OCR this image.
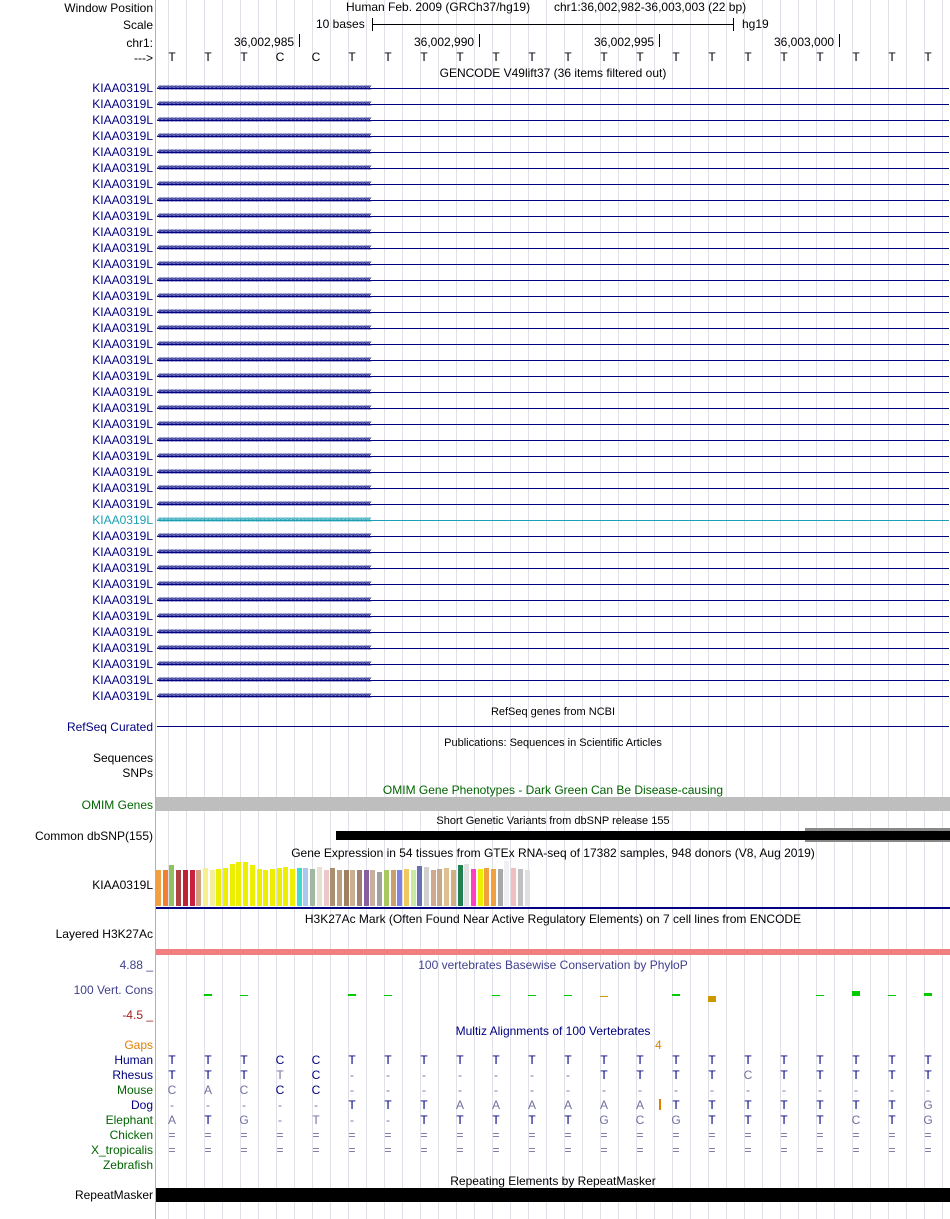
Window Position
Scale
chr1:
--->
Human Feb. 2009 (GRCh37/hg19) chr1:36,002,982-36,003,003 (22 bp)
10 bases	hg19
36,002,985	36,002,990	36,002,995	36,003,000
T	T	T	C	C	T	T	T	T	T	T	T	T	T	T	T	T	T	T	T	T	T
GENCODE V49lift37 (36 items filtered out)
KIAA0319L ‹‹‹‹‹‹‹‹‹‹‹‹‹‹‹‹‹‹‹‹‹‹‹‹‹‹‹‹‹‹‹‹‹‹‹‹‹‹‹‹‹‹‹‹‹‹‹‹‹‹‹‹‹‹‹‹‹‹‹‹‹‹‹‹‹‹‹‹‹‹‹‹‹‹‹‹‹‹‹‹‹‹‹‹‹‹‹‹‹‹‹‹‹‹‹‹‹‹‹‹‹‹‹‹‹‹‹‹‹‹‹‹‹‹‹‹‹‹‹‹‹‹‹‹‹‹‹‹‹‹‹‹‹‹‹‹‹‹‹‹‹‹‹‹‹‹‹‹‹‹‹‹‹‹‹‹‹‹‹‹
KIAA0319L ‹‹‹‹‹‹‹‹‹‹‹‹‹‹‹‹‹‹‹‹‹‹‹‹‹‹‹‹‹‹‹‹‹‹‹‹‹‹‹‹‹‹‹‹‹‹‹‹‹‹‹‹‹‹‹‹‹‹‹‹‹‹‹‹‹‹‹‹‹‹‹‹‹‹‹‹‹‹‹‹‹‹‹‹‹‹‹‹‹‹‹‹‹‹‹‹‹‹‹‹‹‹‹‹‹‹‹‹‹‹‹‹‹‹‹‹‹‹‹‹‹‹‹‹‹‹‹‹‹‹‹‹‹‹‹‹‹‹‹‹‹‹‹‹‹‹‹‹‹‹‹‹‹‹‹‹‹‹‹‹
KIAA0319L ‹‹‹‹‹‹‹‹‹‹‹‹‹‹‹‹‹‹‹‹‹‹‹‹‹‹‹‹‹‹‹‹‹‹‹‹‹‹‹‹‹‹‹‹‹‹‹‹‹‹‹‹‹‹‹‹‹‹‹‹‹‹‹‹‹‹‹‹‹‹‹‹‹‹‹‹‹‹‹‹‹‹‹‹‹‹‹‹‹‹‹‹‹‹‹‹‹‹‹‹‹‹‹‹‹‹‹‹‹‹‹‹‹‹‹‹‹‹‹‹‹‹‹‹‹‹‹‹‹‹‹‹‹‹‹‹‹‹‹‹‹‹‹‹‹‹‹‹‹‹‹‹‹‹‹‹‹‹‹‹
KIAA0319L ‹‹‹‹‹‹‹‹‹‹‹‹‹‹‹‹‹‹‹‹‹‹‹‹‹‹‹‹‹‹‹‹‹‹‹‹‹‹‹‹‹‹‹‹‹‹‹‹‹‹‹‹‹‹‹‹‹‹‹‹‹‹‹‹‹‹‹‹‹‹‹‹‹‹‹‹‹‹‹‹‹‹‹‹‹‹‹‹‹‹‹‹‹‹‹‹‹‹‹‹‹‹‹‹‹‹‹‹‹‹‹‹‹‹‹‹‹‹‹‹‹‹‹‹‹‹‹‹‹‹‹‹‹‹‹‹‹‹‹‹‹‹‹‹‹‹‹‹‹‹‹‹‹‹‹‹‹‹‹‹
KIAA0319L ‹‹‹‹‹‹‹‹‹‹‹‹‹‹‹‹‹‹‹‹‹‹‹‹‹‹‹‹‹‹‹‹‹‹‹‹‹‹‹‹‹‹‹‹‹‹‹‹‹‹‹‹‹‹‹‹‹‹‹‹‹‹‹‹‹‹‹‹‹‹‹‹‹‹‹‹‹‹‹‹‹‹‹‹‹‹‹‹‹‹‹‹‹‹‹‹‹‹‹‹‹‹‹‹‹‹‹‹‹‹‹‹‹‹‹‹‹‹‹‹‹‹‹‹‹‹‹‹‹‹‹‹‹‹‹‹‹‹‹‹‹‹‹‹‹‹‹‹‹‹‹‹‹‹‹‹‹‹‹‹
KIAA0319L ‹‹‹‹‹‹‹‹‹‹‹‹‹‹‹‹‹‹‹‹‹‹‹‹‹‹‹‹‹‹‹‹‹‹‹‹‹‹‹‹‹‹‹‹‹‹‹‹‹‹‹‹‹‹‹‹‹‹‹‹‹‹‹‹‹‹‹‹‹‹‹‹‹‹‹‹‹‹‹‹‹‹‹‹‹‹‹‹‹‹‹‹‹‹‹‹‹‹‹‹‹‹‹‹‹‹‹‹‹‹‹‹‹‹‹‹‹‹‹‹‹‹‹‹‹‹‹‹‹‹‹‹‹‹‹‹‹‹‹‹‹‹‹‹‹‹‹‹‹‹‹‹‹‹‹‹‹‹‹‹
KIAA0319L ‹‹‹‹‹‹‹‹‹‹‹‹‹‹‹‹‹‹‹‹‹‹‹‹‹‹‹‹‹‹‹‹‹‹‹‹‹‹‹‹‹‹‹‹‹‹‹‹‹‹‹‹‹‹‹‹‹‹‹‹‹‹‹‹‹‹‹‹‹‹‹‹‹‹‹‹‹‹‹‹‹‹‹‹‹‹‹‹‹‹‹‹‹‹‹‹‹‹‹‹‹‹‹‹‹‹‹‹‹‹‹‹‹‹‹‹‹‹‹‹‹‹‹‹‹‹‹‹‹‹‹‹‹‹‹‹‹‹‹‹‹‹‹‹‹‹‹‹‹‹‹‹‹‹‹‹‹‹‹‹
KIAA0319L ‹‹‹‹‹‹‹‹‹‹‹‹‹‹‹‹‹‹‹‹‹‹‹‹‹‹‹‹‹‹‹‹‹‹‹‹‹‹‹‹‹‹‹‹‹‹‹‹‹‹‹‹‹‹‹‹‹‹‹‹‹‹‹‹‹‹‹‹‹‹‹‹‹‹‹‹‹‹‹‹‹‹‹‹‹‹‹‹‹‹‹‹‹‹‹‹‹‹‹‹‹‹‹‹‹‹‹‹‹‹‹‹‹‹‹‹‹‹‹‹‹‹‹‹‹‹‹‹‹‹‹‹‹‹‹‹‹‹‹‹‹‹‹‹‹‹‹‹‹‹‹‹‹‹‹‹‹‹‹‹
KIAA0319L ‹‹‹‹‹‹‹‹‹‹‹‹‹‹‹‹‹‹‹‹‹‹‹‹‹‹‹‹‹‹‹‹‹‹‹‹‹‹‹‹‹‹‹‹‹‹‹‹‹‹‹‹‹‹‹‹‹‹‹‹‹‹‹‹‹‹‹‹‹‹‹‹‹‹‹‹‹‹‹‹‹‹‹‹‹‹‹‹‹‹‹‹‹‹‹‹‹‹‹‹‹‹‹‹‹‹‹‹‹‹‹‹‹‹‹‹‹‹‹‹‹‹‹‹‹‹‹‹‹‹‹‹‹‹‹‹‹‹‹‹‹‹‹‹‹‹‹‹‹‹‹‹‹‹‹‹‹‹‹‹
KIAA0319L ‹‹‹‹‹‹‹‹‹‹‹‹‹‹‹‹‹‹‹‹‹‹‹‹‹‹‹‹‹‹‹‹‹‹‹‹‹‹‹‹‹‹‹‹‹‹‹‹‹‹‹‹‹‹‹‹‹‹‹‹‹‹‹‹‹‹‹‹‹‹‹‹‹‹‹‹‹‹‹‹‹‹‹‹‹‹‹‹‹‹‹‹‹‹‹‹‹‹‹‹‹‹‹‹‹‹‹‹‹‹‹‹‹‹‹‹‹‹‹‹‹‹‹‹‹‹‹‹‹‹‹‹‹‹‹‹‹‹‹‹‹‹‹‹‹‹‹‹‹‹‹‹‹‹‹‹‹‹‹‹
KIAA0319L ‹‹‹‹‹‹‹‹‹‹‹‹‹‹‹‹‹‹‹‹‹‹‹‹‹‹‹‹‹‹‹‹‹‹‹‹‹‹‹‹‹‹‹‹‹‹‹‹‹‹‹‹‹‹‹‹‹‹‹‹‹‹‹‹‹‹‹‹‹‹‹‹‹‹‹‹‹‹‹‹‹‹‹‹‹‹‹‹‹‹‹‹‹‹‹‹‹‹‹‹‹‹‹‹‹‹‹‹‹‹‹‹‹‹‹‹‹‹‹‹‹‹‹‹‹‹‹‹‹‹‹‹‹‹‹‹‹‹‹‹‹‹‹‹‹‹‹‹‹‹‹‹‹‹‹‹‹‹‹‹
KIAA0319L ‹‹‹‹‹‹‹‹‹‹‹‹‹‹‹‹‹‹‹‹‹‹‹‹‹‹‹‹‹‹‹‹‹‹‹‹‹‹‹‹‹‹‹‹‹‹‹‹‹‹‹‹‹‹‹‹‹‹‹‹‹‹‹‹‹‹‹‹‹‹‹‹‹‹‹‹‹‹‹‹‹‹‹‹‹‹‹‹‹‹‹‹‹‹‹‹‹‹‹‹‹‹‹‹‹‹‹‹‹‹‹‹‹‹‹‹‹‹‹‹‹‹‹‹‹‹‹‹‹‹‹‹‹‹‹‹‹‹‹‹‹‹‹‹‹‹‹‹‹‹‹‹‹‹‹‹‹‹‹‹
KIAA0319L ‹‹‹‹‹‹‹‹‹‹‹‹‹‹‹‹‹‹‹‹‹‹‹‹‹‹‹‹‹‹‹‹‹‹‹‹‹‹‹‹‹‹‹‹‹‹‹‹‹‹‹‹‹‹‹‹‹‹‹‹‹‹‹‹‹‹‹‹‹‹‹‹‹‹‹‹‹‹‹‹‹‹‹‹‹‹‹‹‹‹‹‹‹‹‹‹‹‹‹‹‹‹‹‹‹‹‹‹‹‹‹‹‹‹‹‹‹‹‹‹‹‹‹‹‹‹‹‹‹‹‹‹‹‹‹‹‹‹‹‹‹‹‹‹‹‹‹‹‹‹‹‹‹‹‹‹‹‹‹‹
KIAA0319L ‹‹‹‹‹‹‹‹‹‹‹‹‹‹‹‹‹‹‹‹‹‹‹‹‹‹‹‹‹‹‹‹‹‹‹‹‹‹‹‹‹‹‹‹‹‹‹‹‹‹‹‹‹‹‹‹‹‹‹‹‹‹‹‹‹‹‹‹‹‹‹‹‹‹‹‹‹‹‹‹‹‹‹‹‹‹‹‹‹‹‹‹‹‹‹‹‹‹‹‹‹‹‹‹‹‹‹‹‹‹‹‹‹‹‹‹‹‹‹‹‹‹‹‹‹‹‹‹‹‹‹‹‹‹‹‹‹‹‹‹‹‹‹‹‹‹‹‹‹‹‹‹‹‹‹‹‹‹‹‹
KIAA0319L ‹‹‹‹‹‹‹‹‹‹‹‹‹‹‹‹‹‹‹‹‹‹‹‹‹‹‹‹‹‹‹‹‹‹‹‹‹‹‹‹‹‹‹‹‹‹‹‹‹‹‹‹‹‹‹‹‹‹‹‹‹‹‹‹‹‹‹‹‹‹‹‹‹‹‹‹‹‹‹‹‹‹‹‹‹‹‹‹‹‹‹‹‹‹‹‹‹‹‹‹‹‹‹‹‹‹‹‹‹‹‹‹‹‹‹‹‹‹‹‹‹‹‹‹‹‹‹‹‹‹‹‹‹‹‹‹‹‹‹‹‹‹‹‹‹‹‹‹‹‹‹‹‹‹‹‹‹‹‹‹
KIAA0319L ‹‹‹‹‹‹‹‹‹‹‹‹‹‹‹‹‹‹‹‹‹‹‹‹‹‹‹‹‹‹‹‹‹‹‹‹‹‹‹‹‹‹‹‹‹‹‹‹‹‹‹‹‹‹‹‹‹‹‹‹‹‹‹‹‹‹‹‹‹‹‹‹‹‹‹‹‹‹‹‹‹‹‹‹‹‹‹‹‹‹‹‹‹‹‹‹‹‹‹‹‹‹‹‹‹‹‹‹‹‹‹‹‹‹‹‹‹‹‹‹‹‹‹‹‹‹‹‹‹‹‹‹‹‹‹‹‹‹‹‹‹‹‹‹‹‹‹‹‹‹‹‹‹‹‹‹‹‹‹‹
KIAA0319L ‹‹‹‹‹‹‹‹‹‹‹‹‹‹‹‹‹‹‹‹‹‹‹‹‹‹‹‹‹‹‹‹‹‹‹‹‹‹‹‹‹‹‹‹‹‹‹‹‹‹‹‹‹‹‹‹‹‹‹‹‹‹‹‹‹‹‹‹‹‹‹‹‹‹‹‹‹‹‹‹‹‹‹‹‹‹‹‹‹‹‹‹‹‹‹‹‹‹‹‹‹‹‹‹‹‹‹‹‹‹‹‹‹‹‹‹‹‹‹‹‹‹‹‹‹‹‹‹‹‹‹‹‹‹‹‹‹‹‹‹‹‹‹‹‹‹‹‹‹‹‹‹‹‹‹‹‹‹‹‹
KIAA0319L ‹‹‹‹‹‹‹‹‹‹‹‹‹‹‹‹‹‹‹‹‹‹‹‹‹‹‹‹‹‹‹‹‹‹‹‹‹‹‹‹‹‹‹‹‹‹‹‹‹‹‹‹‹‹‹‹‹‹‹‹‹‹‹‹‹‹‹‹‹‹‹‹‹‹‹‹‹‹‹‹‹‹‹‹‹‹‹‹‹‹‹‹‹‹‹‹‹‹‹‹‹‹‹‹‹‹‹‹‹‹‹‹‹‹‹‹‹‹‹‹‹‹‹‹‹‹‹‹‹‹‹‹‹‹‹‹‹‹‹‹‹‹‹‹‹‹‹‹‹‹‹‹‹‹‹‹‹‹‹‹
KIAA0319L ‹‹‹‹‹‹‹‹‹‹‹‹‹‹‹‹‹‹‹‹‹‹‹‹‹‹‹‹‹‹‹‹‹‹‹‹‹‹‹‹‹‹‹‹‹‹‹‹‹‹‹‹‹‹‹‹‹‹‹‹‹‹‹‹‹‹‹‹‹‹‹‹‹‹‹‹‹‹‹‹‹‹‹‹‹‹‹‹‹‹‹‹‹‹‹‹‹‹‹‹‹‹‹‹‹‹‹‹‹‹‹‹‹‹‹‹‹‹‹‹‹‹‹‹‹‹‹‹‹‹‹‹‹‹‹‹‹‹‹‹‹‹‹‹‹‹‹‹‹‹‹‹‹‹‹‹‹‹‹‹
KIAA0319L ‹‹‹‹‹‹‹‹‹‹‹‹‹‹‹‹‹‹‹‹‹‹‹‹‹‹‹‹‹‹‹‹‹‹‹‹‹‹‹‹‹‹‹‹‹‹‹‹‹‹‹‹‹‹‹‹‹‹‹‹‹‹‹‹‹‹‹‹‹‹‹‹‹‹‹‹‹‹‹‹‹‹‹‹‹‹‹‹‹‹‹‹‹‹‹‹‹‹‹‹‹‹‹‹‹‹‹‹‹‹‹‹‹‹‹‹‹‹‹‹‹‹‹‹‹‹‹‹‹‹‹‹‹‹‹‹‹‹‹‹‹‹‹‹‹‹‹‹‹‹‹‹‹‹‹‹‹‹‹‹
KIAA0319L ‹‹‹‹‹‹‹‹‹‹‹‹‹‹‹‹‹‹‹‹‹‹‹‹‹‹‹‹‹‹‹‹‹‹‹‹‹‹‹‹‹‹‹‹‹‹‹‹‹‹‹‹‹‹‹‹‹‹‹‹‹‹‹‹‹‹‹‹‹‹‹‹‹‹‹‹‹‹‹‹‹‹‹‹‹‹‹‹‹‹‹‹‹‹‹‹‹‹‹‹‹‹‹‹‹‹‹‹‹‹‹‹‹‹‹‹‹‹‹‹‹‹‹‹‹‹‹‹‹‹‹‹‹‹‹‹‹‹‹‹‹‹‹‹‹‹‹‹‹‹‹‹‹‹‹‹‹‹‹‹
KIAA0319L ‹‹‹‹‹‹‹‹‹‹‹‹‹‹‹‹‹‹‹‹‹‹‹‹‹‹‹‹‹‹‹‹‹‹‹‹‹‹‹‹‹‹‹‹‹‹‹‹‹‹‹‹‹‹‹‹‹‹‹‹‹‹‹‹‹‹‹‹‹‹‹‹‹‹‹‹‹‹‹‹‹‹‹‹‹‹‹‹‹‹‹‹‹‹‹‹‹‹‹‹‹‹‹‹‹‹‹‹‹‹‹‹‹‹‹‹‹‹‹‹‹‹‹‹‹‹‹‹‹‹‹‹‹‹‹‹‹‹‹‹‹‹‹‹‹‹‹‹‹‹‹‹‹‹‹‹‹‹‹‹
KIAA0319L ‹‹‹‹‹‹‹‹‹‹‹‹‹‹‹‹‹‹‹‹‹‹‹‹‹‹‹‹‹‹‹‹‹‹‹‹‹‹‹‹‹‹‹‹‹‹‹‹‹‹‹‹‹‹‹‹‹‹‹‹‹‹‹‹‹‹‹‹‹‹‹‹‹‹‹‹‹‹‹‹‹‹‹‹‹‹‹‹‹‹‹‹‹‹‹‹‹‹‹‹‹‹‹‹‹‹‹‹‹‹‹‹‹‹‹‹‹‹‹‹‹‹‹‹‹‹‹‹‹‹‹‹‹‹‹‹‹‹‹‹‹‹‹‹‹‹‹‹‹‹‹‹‹‹‹‹‹‹‹‹
KIAA0319L ‹‹‹‹‹‹‹‹‹‹‹‹‹‹‹‹‹‹‹‹‹‹‹‹‹‹‹‹‹‹‹‹‹‹‹‹‹‹‹‹‹‹‹‹‹‹‹‹‹‹‹‹‹‹‹‹‹‹‹‹‹‹‹‹‹‹‹‹‹‹‹‹‹‹‹‹‹‹‹‹‹‹‹‹‹‹‹‹‹‹‹‹‹‹‹‹‹‹‹‹‹‹‹‹‹‹‹‹‹‹‹‹‹‹‹‹‹‹‹‹‹‹‹‹‹‹‹‹‹‹‹‹‹‹‹‹‹‹‹‹‹‹‹‹‹‹‹‹‹‹‹‹‹‹‹‹‹‹‹‹
KIAA0319L ‹‹‹‹‹‹‹‹‹‹‹‹‹‹‹‹‹‹‹‹‹‹‹‹‹‹‹‹‹‹‹‹‹‹‹‹‹‹‹‹‹‹‹‹‹‹‹‹‹‹‹‹‹‹‹‹‹‹‹‹‹‹‹‹‹‹‹‹‹‹‹‹‹‹‹‹‹‹‹‹‹‹‹‹‹‹‹‹‹‹‹‹‹‹‹‹‹‹‹‹‹‹‹‹‹‹‹‹‹‹‹‹‹‹‹‹‹‹‹‹‹‹‹‹‹‹‹‹‹‹‹‹‹‹‹‹‹‹‹‹‹‹‹‹‹‹‹‹‹‹‹‹‹‹‹‹‹‹‹‹
KIAA0319L ‹‹‹‹‹‹‹‹‹‹‹‹‹‹‹‹‹‹‹‹‹‹‹‹‹‹‹‹‹‹‹‹‹‹‹‹‹‹‹‹‹‹‹‹‹‹‹‹‹‹‹‹‹‹‹‹‹‹‹‹‹‹‹‹‹‹‹‹‹‹‹‹‹‹‹‹‹‹‹‹‹‹‹‹‹‹‹‹‹‹‹‹‹‹‹‹‹‹‹‹‹‹‹‹‹‹‹‹‹‹‹‹‹‹‹‹‹‹‹‹‹‹‹‹‹‹‹‹‹‹‹‹‹‹‹‹‹‹‹‹‹‹‹‹‹‹‹‹‹‹‹‹‹‹‹‹‹‹‹‹
KIAA0319L ‹‹‹‹‹‹‹‹‹‹‹‹‹‹‹‹‹‹‹‹‹‹‹‹‹‹‹‹‹‹‹‹‹‹‹‹‹‹‹‹‹‹‹‹‹‹‹‹‹‹‹‹‹‹‹‹‹‹‹‹‹‹‹‹‹‹‹‹‹‹‹‹‹‹‹‹‹‹‹‹‹‹‹‹‹‹‹‹‹‹‹‹‹‹‹‹‹‹‹‹‹‹‹‹‹‹‹‹‹‹‹‹‹‹‹‹‹‹‹‹‹‹‹‹‹‹‹‹‹‹‹‹‹‹‹‹‹‹‹‹‹‹‹‹‹‹‹‹‹‹‹‹‹‹‹‹‹‹‹‹
KIAA0319L ‹‹‹‹‹‹‹‹‹‹‹‹‹‹‹‹‹‹‹‹‹‹‹‹‹‹‹‹‹‹‹‹‹‹‹‹‹‹‹‹‹‹‹‹‹‹‹‹‹‹‹‹‹‹‹‹‹‹‹‹‹‹‹‹‹‹‹‹‹‹‹‹‹‹‹‹‹‹‹‹‹‹‹‹‹‹‹‹‹‹‹‹‹‹‹‹‹‹‹‹‹‹‹‹‹‹‹‹‹‹‹‹‹‹‹‹‹‹‹‹‹‹‹‹‹‹‹‹‹‹‹‹‹‹‹‹‹‹‹‹‹‹‹‹‹‹‹‹‹‹‹‹‹‹‹‹‹‹‹‹
KIAA0319L ‹‹‹‹‹‹‹‹‹‹‹‹‹‹‹‹‹‹‹‹‹‹‹‹‹‹‹‹‹‹‹‹‹‹‹‹‹‹‹‹‹‹‹‹‹‹‹‹‹‹‹‹‹‹‹‹‹‹‹‹‹‹‹‹‹‹‹‹‹‹‹‹‹‹‹‹‹‹‹‹‹‹‹‹‹‹‹‹‹‹‹‹‹‹‹‹‹‹‹‹‹‹‹‹‹‹‹‹‹‹‹‹‹‹‹‹‹‹‹‹‹‹‹‹‹‹‹‹‹‹‹‹‹‹‹‹‹‹‹‹‹‹‹‹‹‹‹‹‹‹‹‹‹‹‹‹‹‹‹‹
KIAA0319L ‹‹‹‹‹‹‹‹‹‹‹‹‹‹‹‹‹‹‹‹‹‹‹‹‹‹‹‹‹‹‹‹‹‹‹‹‹‹‹‹‹‹‹‹‹‹‹‹‹‹‹‹‹‹‹‹‹‹‹‹‹‹‹‹‹‹‹‹‹‹‹‹‹‹‹‹‹‹‹‹‹‹‹‹‹‹‹‹‹‹‹‹‹‹‹‹‹‹‹‹‹‹‹‹‹‹‹‹‹‹‹‹‹‹‹‹‹‹‹‹‹‹‹‹‹‹‹‹‹‹‹‹‹‹‹‹‹‹‹‹‹‹‹‹‹‹‹‹‹‹‹‹‹‹‹‹‹‹‹‹
KIAA0319L ‹‹‹‹‹‹‹‹‹‹‹‹‹‹‹‹‹‹‹‹‹‹‹‹‹‹‹‹‹‹‹‹‹‹‹‹‹‹‹‹‹‹‹‹‹‹‹‹‹‹‹‹‹‹‹‹‹‹‹‹‹‹‹‹‹‹‹‹‹‹‹‹‹‹‹‹‹‹‹‹‹‹‹‹‹‹‹‹‹‹‹‹‹‹‹‹‹‹‹‹‹‹‹‹‹‹‹‹‹‹‹‹‹‹‹‹‹‹‹‹‹‹‹‹‹‹‹‹‹‹‹‹‹‹‹‹‹‹‹‹‹‹‹‹‹‹‹‹‹‹‹‹‹‹‹‹‹‹‹‹
KIAA0319L ‹‹‹‹‹‹‹‹‹‹‹‹‹‹‹‹‹‹‹‹‹‹‹‹‹‹‹‹‹‹‹‹‹‹‹‹‹‹‹‹‹‹‹‹‹‹‹‹‹‹‹‹‹‹‹‹‹‹‹‹‹‹‹‹‹‹‹‹‹‹‹‹‹‹‹‹‹‹‹‹‹‹‹‹‹‹‹‹‹‹‹‹‹‹‹‹‹‹‹‹‹‹‹‹‹‹‹‹‹‹‹‹‹‹‹‹‹‹‹‹‹‹‹‹‹‹‹‹‹‹‹‹‹‹‹‹‹‹‹‹‹‹‹‹‹‹‹‹‹‹‹‹‹‹‹‹‹‹‹‹
KIAA0319L ‹‹‹‹‹‹‹‹‹‹‹‹‹‹‹‹‹‹‹‹‹‹‹‹‹‹‹‹‹‹‹‹‹‹‹‹‹‹‹‹‹‹‹‹‹‹‹‹‹‹‹‹‹‹‹‹‹‹‹‹‹‹‹‹‹‹‹‹‹‹‹‹‹‹‹‹‹‹‹‹‹‹‹‹‹‹‹‹‹‹‹‹‹‹‹‹‹‹‹‹‹‹‹‹‹‹‹‹‹‹‹‹‹‹‹‹‹‹‹‹‹‹‹‹‹‹‹‹‹‹‹‹‹‹‹‹‹‹‹‹‹‹‹‹‹‹‹‹‹‹‹‹‹‹‹‹‹‹‹‹
KIAA0319L ‹‹‹‹‹‹‹‹‹‹‹‹‹‹‹‹‹‹‹‹‹‹‹‹‹‹‹‹‹‹‹‹‹‹‹‹‹‹‹‹‹‹‹‹‹‹‹‹‹‹‹‹‹‹‹‹‹‹‹‹‹‹‹‹‹‹‹‹‹‹‹‹‹‹‹‹‹‹‹‹‹‹‹‹‹‹‹‹‹‹‹‹‹‹‹‹‹‹‹‹‹‹‹‹‹‹‹‹‹‹‹‹‹‹‹‹‹‹‹‹‹‹‹‹‹‹‹‹‹‹‹‹‹‹‹‹‹‹‹‹‹‹‹‹‹‹‹‹‹‹‹‹‹‹‹‹‹‹‹‹
KIAA0319L ‹‹‹‹‹‹‹‹‹‹‹‹‹‹‹‹‹‹‹‹‹‹‹‹‹‹‹‹‹‹‹‹‹‹‹‹‹‹‹‹‹‹‹‹‹‹‹‹‹‹‹‹‹‹‹‹‹‹‹‹‹‹‹‹‹‹‹‹‹‹‹‹‹‹‹‹‹‹‹‹‹‹‹‹‹‹‹‹‹‹‹‹‹‹‹‹‹‹‹‹‹‹‹‹‹‹‹‹‹‹‹‹‹‹‹‹‹‹‹‹‹‹‹‹‹‹‹‹‹‹‹‹‹‹‹‹‹‹‹‹‹‹‹‹‹‹‹‹‹‹‹‹‹‹‹‹‹‹‹‹
KIAA0319L ‹‹‹‹‹‹‹‹‹‹‹‹‹‹‹‹‹‹‹‹‹‹‹‹‹‹‹‹‹‹‹‹‹‹‹‹‹‹‹‹‹‹‹‹‹‹‹‹‹‹‹‹‹‹‹‹‹‹‹‹‹‹‹‹‹‹‹‹‹‹‹‹‹‹‹‹‹‹‹‹‹‹‹‹‹‹‹‹‹‹‹‹‹‹‹‹‹‹‹‹‹‹‹‹‹‹‹‹‹‹‹‹‹‹‹‹‹‹‹‹‹‹‹‹‹‹‹‹‹‹‹‹‹‹‹‹‹‹‹‹‹‹‹‹‹‹‹‹‹‹‹‹‹‹‹‹‹‹‹‹
KIAA0319L ‹‹‹‹‹‹‹‹‹‹‹‹‹‹‹‹‹‹‹‹‹‹‹‹‹‹‹‹‹‹‹‹‹‹‹‹‹‹‹‹‹‹‹‹‹‹‹‹‹‹‹‹‹‹‹‹‹‹‹‹‹‹‹‹‹‹‹‹‹‹‹‹‹‹‹‹‹‹‹‹‹‹‹‹‹‹‹‹‹‹‹‹‹‹‹‹‹‹‹‹‹‹‹‹‹‹‹‹‹‹‹‹‹‹‹‹‹‹‹‹‹‹‹‹‹‹‹‹‹‹‹‹‹‹‹‹‹‹‹‹‹‹‹‹‹‹‹‹‹‹‹‹‹‹‹‹‹‹‹‹
KIAA0319L ‹‹‹‹‹‹‹‹‹‹‹‹‹‹‹‹‹‹‹‹‹‹‹‹‹‹‹‹‹‹‹‹‹‹‹‹‹‹‹‹‹‹‹‹‹‹‹‹‹‹‹‹‹‹‹‹‹‹‹‹‹‹‹‹‹‹‹‹‹‹‹‹‹‹‹‹‹‹‹‹‹‹‹‹‹‹‹‹‹‹‹‹‹‹‹‹‹‹‹‹‹‹‹‹‹‹‹‹‹‹‹‹‹‹‹‹‹‹‹‹‹‹‹‹‹‹‹‹‹‹‹‹‹‹‹‹‹‹‹‹‹‹‹‹‹‹‹‹‹‹‹‹‹‹‹‹‹‹‹‹
KIAA0319L ‹‹‹‹‹‹‹‹‹‹‹‹‹‹‹‹‹‹‹‹‹‹‹‹‹‹‹‹‹‹‹‹‹‹‹‹‹‹‹‹‹‹‹‹‹‹‹‹‹‹‹‹‹‹‹‹‹‹‹‹‹‹‹‹‹‹‹‹‹‹‹‹‹‹‹‹‹‹‹‹‹‹‹‹‹‹‹‹‹‹‹‹‹‹‹‹‹‹‹‹‹‹‹‹‹‹‹‹‹‹‹‹‹‹‹‹‹‹‹‹‹‹‹‹‹‹‹‹‹‹‹‹‹‹‹‹‹‹‹‹‹‹‹‹‹‹‹‹‹‹‹‹‹‹‹‹‹‹‹‹
RefSeq genes from NCBI
RefSeq Curated
Publications: Sequences in Scientific Articles
Sequences
SNPs
OMIM Gene Phenotypes - Dark Green Can Be Disease-causing
OMIM Genes
Short Genetic Variants from dbSNP release 155
Common dbSNP(155)
Gene Expression in 54 tissues from GTEx RNA-seq of 17382 samples, 948 donors (V8, Aug 2019)
KIAA0319L
H3K27Ac Mark (Often Found Near Active Regulatory Elements) on 7 cell lines from ENCODE
Layered H3K27Ac
4.88 _
100 Vert. Cons
-4.5 _
100 vertebrates Basewise Conservation by PhyloP
Multiz Alignments of 100 Vertebrates
Gaps	4
Human	T	T	T	C	C	T	T	T	T	T	T	T	T	T	T	T	T	T	T	T	T	T
Rhesus	T	T	T	T	C	-	-	-	-	-	-	-	T	T	T	T	C	T	T	T	T	T
Mouse	C	A	C	C	C	-	-	-	-	-	-	-	-	-	-	-	-	-	-	-	-	-
Dog	-	-	-	-	-	T	T	T	A	A	A	A	A	A	T	T	T	T	T	T	T	G
Elephant	A	T	G	-	T	-	-	T	T	T	T	T	G	C	G	T	T	T	T	C	T	G
Chicken	=	=	=	=	=	=	=	=	=	=	=	=	=	=	=	=	=	=	=	=	=	=
X_tropicalis	=	=	=	=	=	=	=	=	=	=	=	=	=	=	=	=	=	=	=	=	=	=
Zebrafish
Repeating Elements by RepeatMasker
RepeatMasker
